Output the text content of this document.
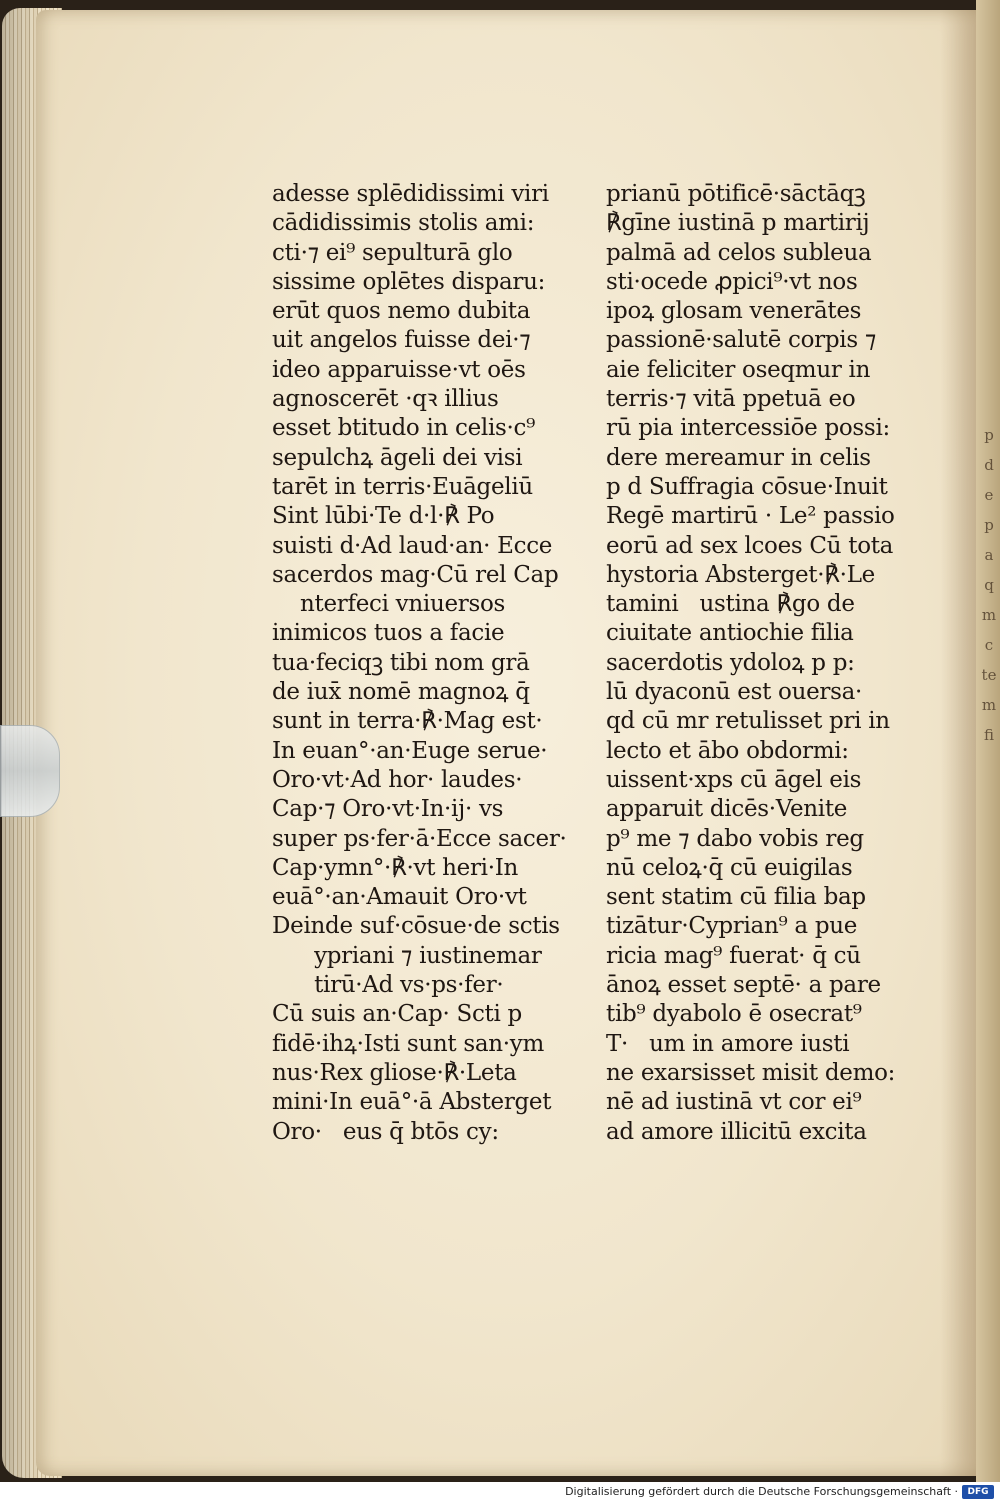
p
d
e
p
a
q
m
c
te
m
fi
adesse splēdidissimi viri
cādidissimis stolis ami:
cti·⁊ ei⁹ sepulturā glo
sissime oplētes disparu:
erūt quos nemo dubita
uit angelos fuisse dei·⁊
ideo apparuisse·vt oēs
agnoscerēt ·qꝛ illius
esset btitudo in celis·c⁹
sepulchꝝ āgeli dei visi
tarēt in terris·Euāgeliū
Sint lūbi·Te d·l·℟ Po
suisti d·Ad laud·an· Ecce
sacerdos mag·Cū rel Cap
nterfeci vniuersos
inimicos tuos a facie
tua·feciqꝫ tibi nom grā
de iux̄ nomē magnoꝝ q̄
sunt in terra·℟·Mag est·
In euan°·an·Euge serue·
Oro·vt·Ad hor· laudes·
Cap·⁊ Oro·vt·In·ij· vs
super ps·fer·ā·Ecce sacer·
Cap·ymn°·℟·vt heri·In
euā°·an·Amauit Oro·vt
Deinde suf·cōsue·de sctis
ypriani ⁊ iustinemar
tirū·Ad vs·ps·fer·
Cū suis an·Cap· Scti p
fidē·ihꝝ·Isti sunt san·ym
nus·Rex gliose·℟·Leta
mini·In euā°·ā Absterget
Oro·   eus q̄ btōs cy:
prianū pōtificē·sāctāqꝫ
℟gīne iustinā p martirij
palmā ad celos subleua
sti·ocede ꝓpici⁹·vt nos
ipoꝝ glosam venerātes
passionē·salutē corpis ⁊
aie feliciter oseqmur in
terris·⁊ vitā ppetuā eo
rū pia intercessiōe possi:
dere mereamur in celis
p d Suffragia cōsue·Inuit
Regē martirū · Le² passio
eorū ad sex lcoes Cū tota
hystoria Absterget·℟·Le
tamini   ustina ℟go de
ciuitate antiochie filia
sacerdotis ydoloꝝ p p:
lū dyaconū est ouersa·
qd cū mr retulisset pri in
lecto et ābo obdormi:
uissent·xps cū āgel eis
apparuit dicēs·Venite
p⁹ me ⁊ dabo vobis reg
nū celoꝝ·q̄ cū euigilas
sent statim cū filia bap
tizātur·Cyprian⁹ a pue
ricia mag⁹ fuerat· q̄ cū
ānoꝝ esset septē· a pare
tib⁹ dyabolo ē osecrat⁹
T·   um in amore iusti
ne exarsisset misit demo:
nē ad iustinā vt cor ei⁹
ad amore illicitū excita
Digitalisierung gefördert durch die Deutsche Forschungsgemeinschaft ·	DFG
